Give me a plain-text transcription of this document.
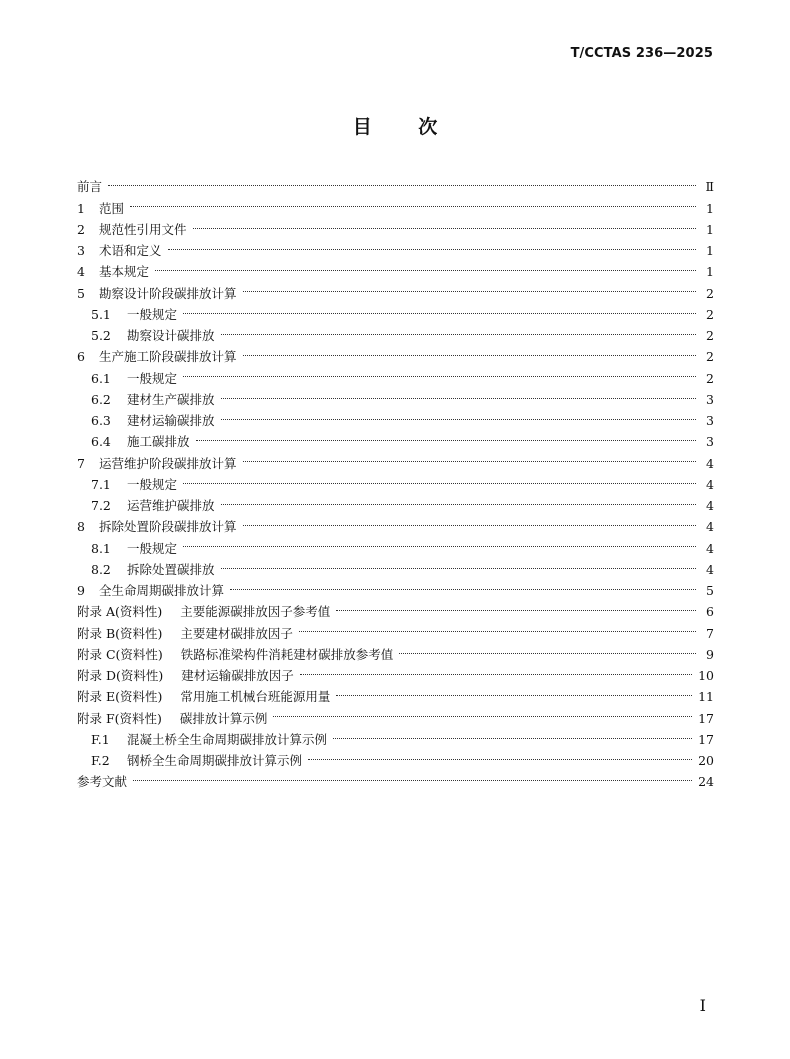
T/CCTAS 236—2025
目 次
前言	Ⅱ
1	范围	1
2	规范性引用文件	1
3	术语和定义	1
4	基本规定	1
5	勘察设计阶段碳排放计算	2
5.1	一般规定	2
5.2	勘察设计碳排放	2
6	生产施工阶段碳排放计算	2
6.1	一般规定	2
6.2	建材生产碳排放	3
6.3	建材运输碳排放	3
6.4	施工碳排放	3
7	运营维护阶段碳排放计算	4
7.1	一般规定	4
7.2	运营维护碳排放	4
8	拆除处置阶段碳排放计算	4
8.1	一般规定	4
8.2	拆除处置碳排放	4
9	全生命周期碳排放计算	5
附录 A(资料性) 主要能源碳排放因子参考值	6
附录 B(资料性) 主要建材碳排放因子	7
附录 C(资料性) 铁路标准梁构件消耗建材碳排放参考值	9
附录 D(资料性) 建材运输碳排放因子	10
附录 E(资料性) 常用施工机械台班能源用量	11
附录 F(资料性) 碳排放计算示例	17
F.1	混凝土桥全生命周期碳排放计算示例	17
F.2	钢桥全生命周期碳排放计算示例	20
参考文献	24
I
